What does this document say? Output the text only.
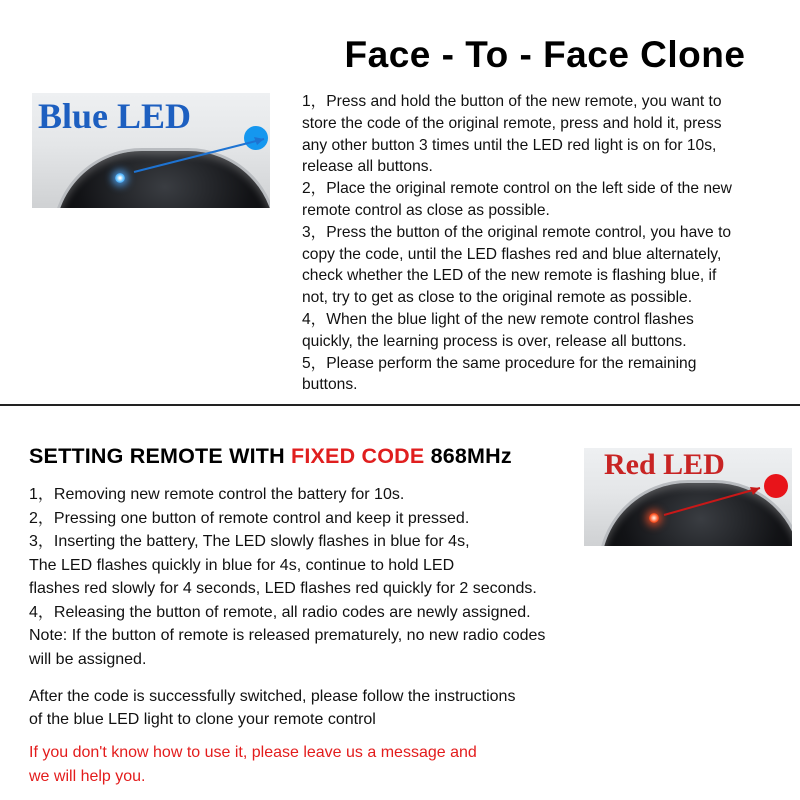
Face - To - Face Clone
Blue LED	1，Press and hold the button of the new remote, you want to

store the code of the original remote, press and hold it, press

any other button 3 times until the LED red light is on for 10s,

release all buttons.

2，Place the original remote control on the left side of the new

remote control as close as possible.

3，Press the button of the original remote control, you have to

copy the code, until the LED flashes red and blue alternately,

check whether the LED of the new remote is flashing blue, if

not, try to get as close to the original remote as possible.

4，When the blue light of the new remote control flashes

quickly, the learning process is over, release all buttons.

5，Please perform the same procedure for the remaining

buttons.

SETTING REMOTE WITH FIXED CODE 868MHz	Red LED

1，Removing new remote control the battery for 10s.

2，Pressing one button of remote control and keep it pressed.

3，Inserting the battery, The LED slowly flashes in blue for 4s,

The LED flashes quickly in blue for 4s, continue to hold LED

flashes red slowly for 4 seconds, LED flashes red quickly for 2 seconds.

4，Releasing the button of remote, all radio codes are newly assigned.

Note: If the button of remote is released prematurely, no new radio codes

will be assigned.

After the code is successfully switched, please follow the instructions

of the blue LED light to clone your remote control

If you don't know how to use it, please leave us a message and

we will help you.
